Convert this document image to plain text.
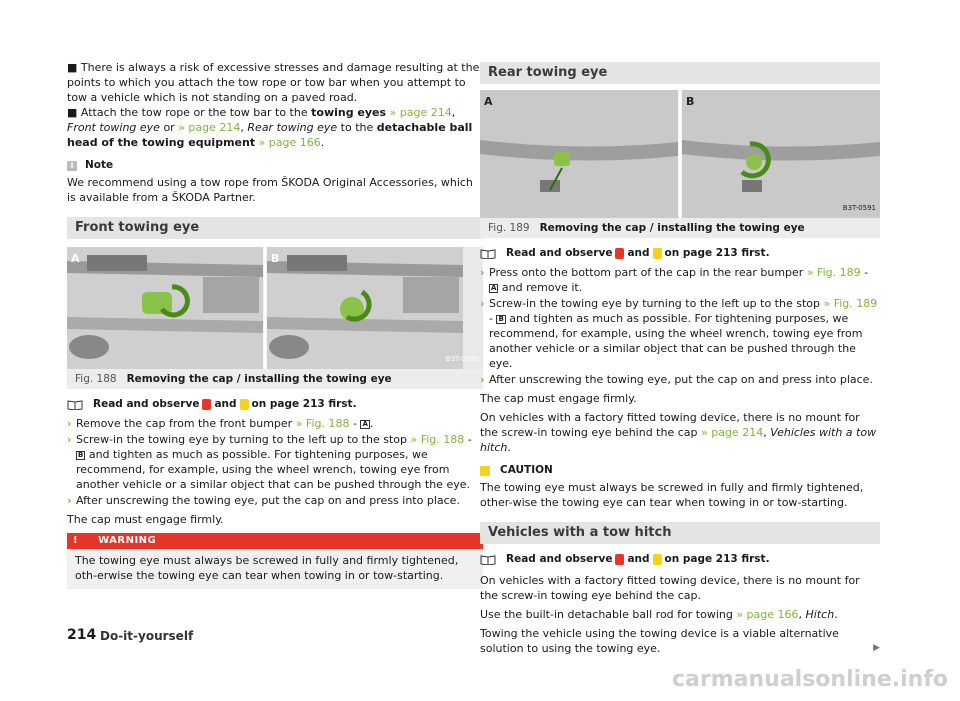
■ There is always a risk of excessive stresses and damage resulting at the points to which you attach the tow rope or tow bar when you attempt to tow a vehicle which is not standing on a paved road.

■ Attach the tow rope or the tow bar to the towing eyes » page 214, Front towing eye or » page 214, Rear towing eye to the detachable ball head of the towing equipment » page 166.

i	Note

We recommend using a tow rope from ŠKODA Original Accessories, which is available from a ŠKODA Partner.

Front towing eye
A	B
B3T-0590
Fig. 188 Removing the cap / installing the towing eye
Read and observe and on page 213 first.
› Remove the cap from the front bumper » Fig. 188 - A .
› Screw-in the towing eye by turning to the left up to the stop » Fig. 188 - B and tighten as much as possible. For tightening purposes, we recommend, for example, using the wheel wrench, towing eye from another vehicle or a similar object that can be pushed through the eye.
› After unscrewing the towing eye, put the cap on and press into place.

The cap must engage firmly.

! WARNING
The towing eye must always be screwed in fully and firmly tightened, oth-erwise the towing eye can tear when towing in or tow-starting.
Rear towing eye
A	B
B3T-0591
Fig. 189 Removing the cap / installing the towing eye
Read and observe and on page 213 first.
› Press onto the bottom part of the cap in the rear bumper » Fig. 189 - A and remove it.
› Screw-in the towing eye by turning to the left up to the stop » Fig. 189 - B and tighten as much as possible. For tightening purposes, we recommend, for example, using the wheel wrench, towing eye from another vehicle or a similar object that can be pushed through the eye.
› After unscrewing the towing eye, put the cap on and press into place.

The cap must engage firmly.

On vehicles with a factory fitted towing device, there is no mount for the screw-in towing eye behind the cap » page 214, Vehicles with a tow hitch.

CAUTION

The towing eye must always be screwed in fully and firmly tightened, other-wise the towing eye can tear when towing in or tow-starting.

Vehicles with a tow hitch
Read and observe and on page 213 first.

On vehicles with a factory fitted towing device, there is no mount for the screw-in towing eye behind the cap.

Use the built-in detachable ball rod for towing » page 166, Hitch.

Towing the vehicle using the towing device is a viable alternative solution to using the towing eye.	▶

214 Do-it-yourself
carmanualsonline.info
